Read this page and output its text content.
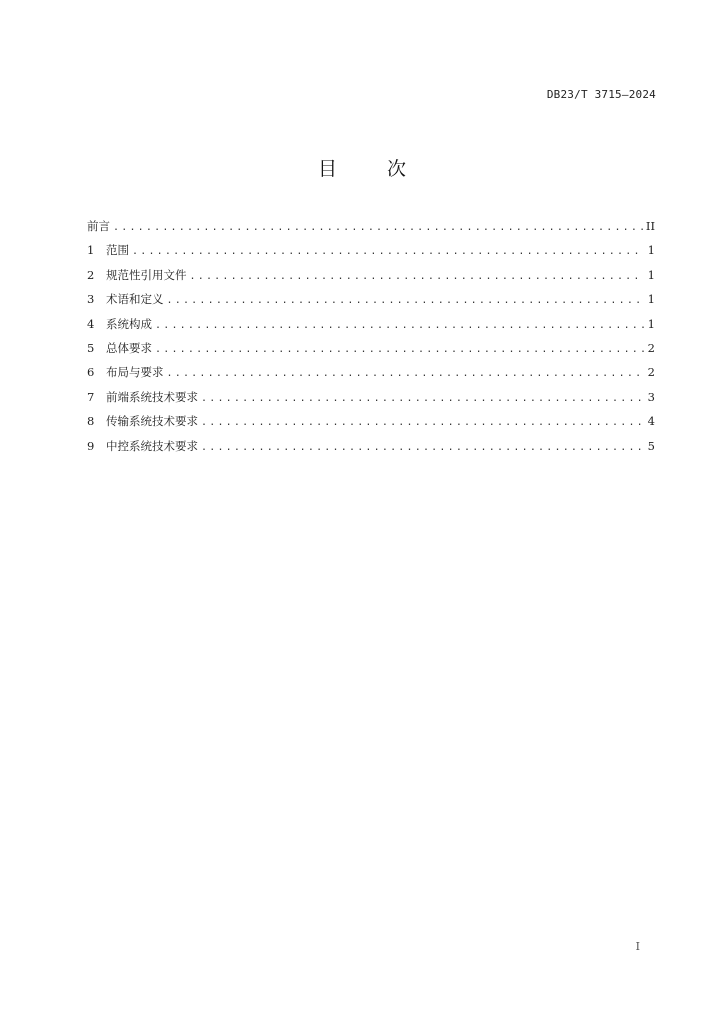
DB23/T 3715—2024
目	次
前言 .....	II
1	范围 .....	1
2	规范性引用文件 .....	1
3	术语和定义 .....	1
4	系统构成 .....	1
5	总体要求 .....	2
6	布局与要求 .....	2
7	前端系统技术要求 .....	3
8	传输系统技术要求 .....	4
9	中控系统技术要求 .....	5
I
